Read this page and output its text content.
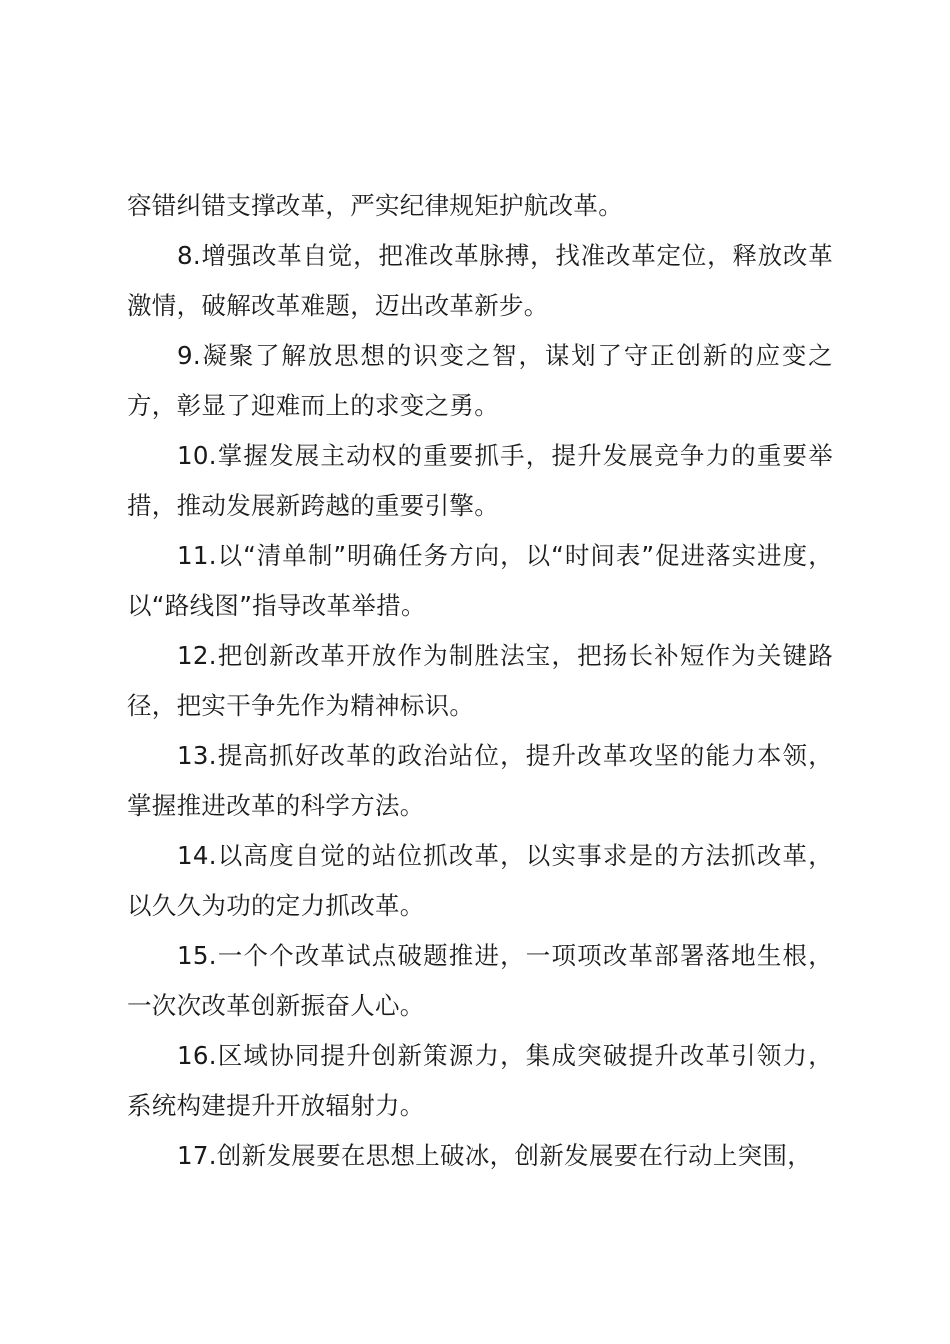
容错纠错支撑改革，严实纪律规矩护航改革。

8.增强改革自觉，把准改革脉搏，找准改革定位，释放改革激情，破解改革难题，迈出改革新步。

9.凝聚了解放思想的识变之智，谋划了守正创新的应变之方，彰显了迎难而上的求变之勇。

10.掌握发展主动权的重要抓手，提升发展竞争力的重要举措，推动发展新跨越的重要引擎。

11.以“清单制”明确任务方向，以“时间表”促进落实进度，以“路线图”指导改革举措。

12.把创新改革开放作为制胜法宝，把扬长补短作为关键路径，把实干争先作为精神标识。

13.提高抓好改革的政治站位，提升改革攻坚的能力本领，掌握推进改革的科学方法。

14.以高度自觉的站位抓改革，以实事求是的方法抓改革，以久久为功的定力抓改革。

15.一个个改革试点破题推进，一项项改革部署落地生根，一次次改革创新振奋人心。

16.区域协同提升创新策源力，集成突破提升改革引领力，系统构建提升开放辐射力。

17.创新发展要在思想上破冰，创新发展要在行动上突围，
